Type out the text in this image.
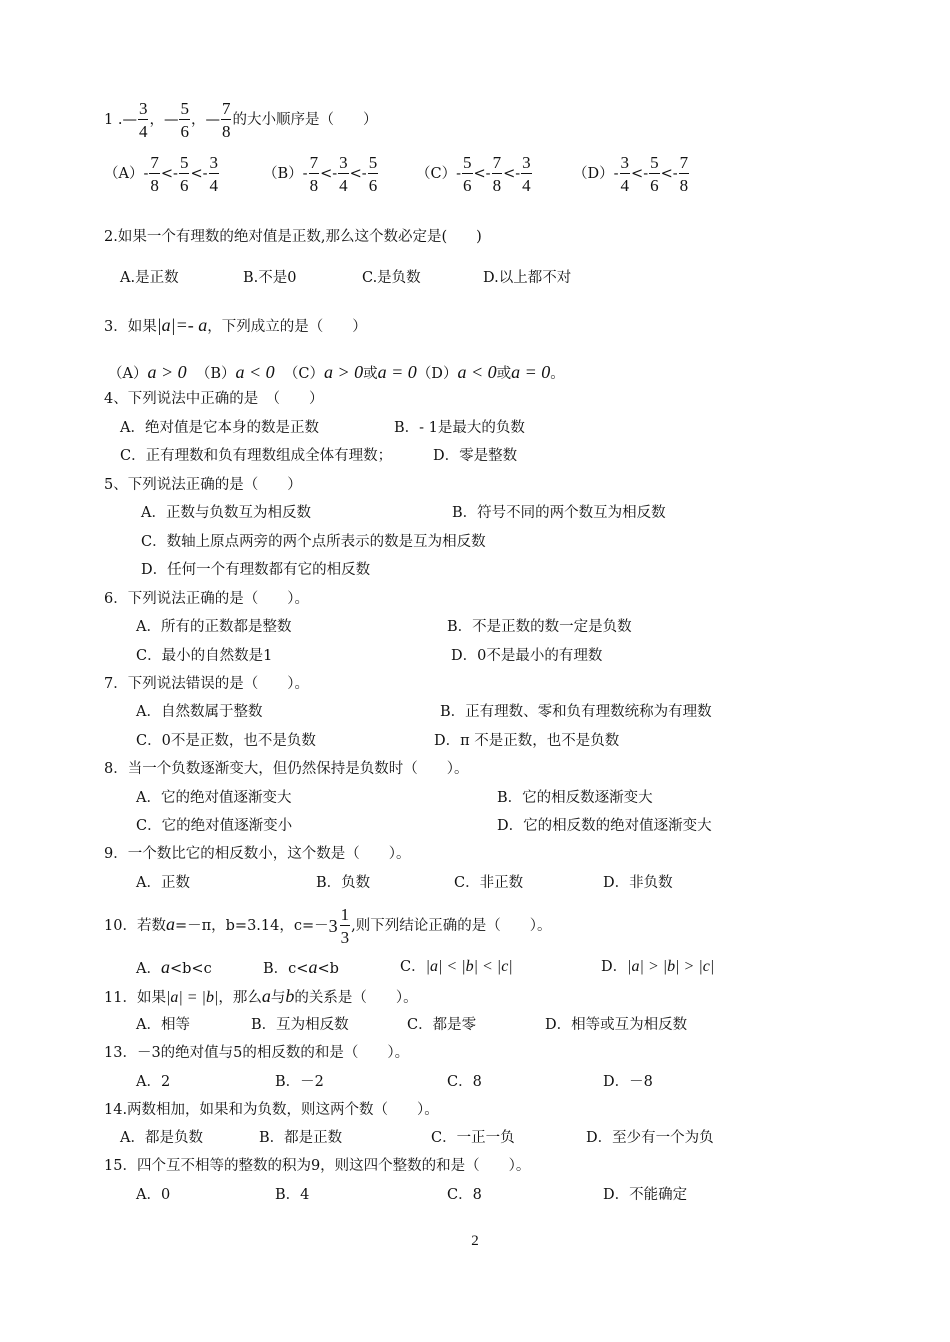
1 .— $\frac{3}{4}$ ，— $\frac{5}{6}$ ，— $\frac{7}{8}$ 的大小顺序是（　　）
$(A)- \frac{7}{8} <- \frac{5}{6} <- \frac{3}{4}$	$(B)- \frac{7}{8} <- \frac{3}{4} <- \frac{5}{6}$	$(C)- \frac{5}{6} <- \frac{7}{8} <- \frac{3}{4}$	$(D)- \frac{3}{4} <- \frac{5}{6} <- \frac{7}{8}$
2.如果一个有理数的绝对值是正数,那么这个数必定是(　　)
A.是正数	B.不是0	C.是负数	D.以上都不对
3．如果|a|=- a，下列成立的是（　　）
（A）a > 0 （B）a < 0 （C）a > 0或a = 0（D）a < 0或a = 0。
4、下列说法中正确的是　（　　）
A．绝对值是它本身的数是正数	B．- 1是最大的负数
C．正有理数和负有理数组成全体有理数；	D．零是整数
5、下列说法正确的是（　　）
A．正数与负数互为相反数	B．符号不同的两个数互为相反数
C．数轴上原点两旁的两个点所表示的数是互为相反数
D．任何一个有理数都有它的相反数
6．下列说法正确的是（　　）。
A．所有的正数都是整数	B．不是正数的数一定是负数
C．最小的自然数是1	D．0不是最小的有理数
7．下列说法错误的是（　　）。
A．自然数属于整数	B．正有理数、零和负有理数统称为有理数
C．0不是正数，也不是负数	D．π 不是正数，也不是负数
8．当一个负数逐渐变大，但仍然保持是负数时（　　）。
A．它的绝对值逐渐变大	B．它的相反数逐渐变大
C．它的绝对值逐渐变小	D．它的相反数的绝对值逐渐变大
9．一个数比它的相反数小，这个数是（　　）。
A．正数	B．负数	C．非正数	D．非负数
10．若数a=－π，b=3.14，$c=- 3 \frac{1}{3}$ ,则下列结论正确的是（　　）。
A．a<b<c	B．c<a<b	C．|a| < |b| < |c|	D．|a| > |b| > |c|
11．如果|a| = |b|，那么a与b的关系是（　　）。
A．相等	B．互为相反数	C．都是零	D．相等或互为相反数
13．－3的绝对值与5的相反数的和是（　　）。
A．2	B．－2	C．8	D．－8
14.两数相加，如果和为负数，则这两个数（　　）。
A．都是负数	B．都是正数	C．一正一负	D．至少有一个为负
15．四个互不相等的整数的积为9，则这四个整数的和是（　　）。
A．0	B．4	C．8	D．不能确定
2
